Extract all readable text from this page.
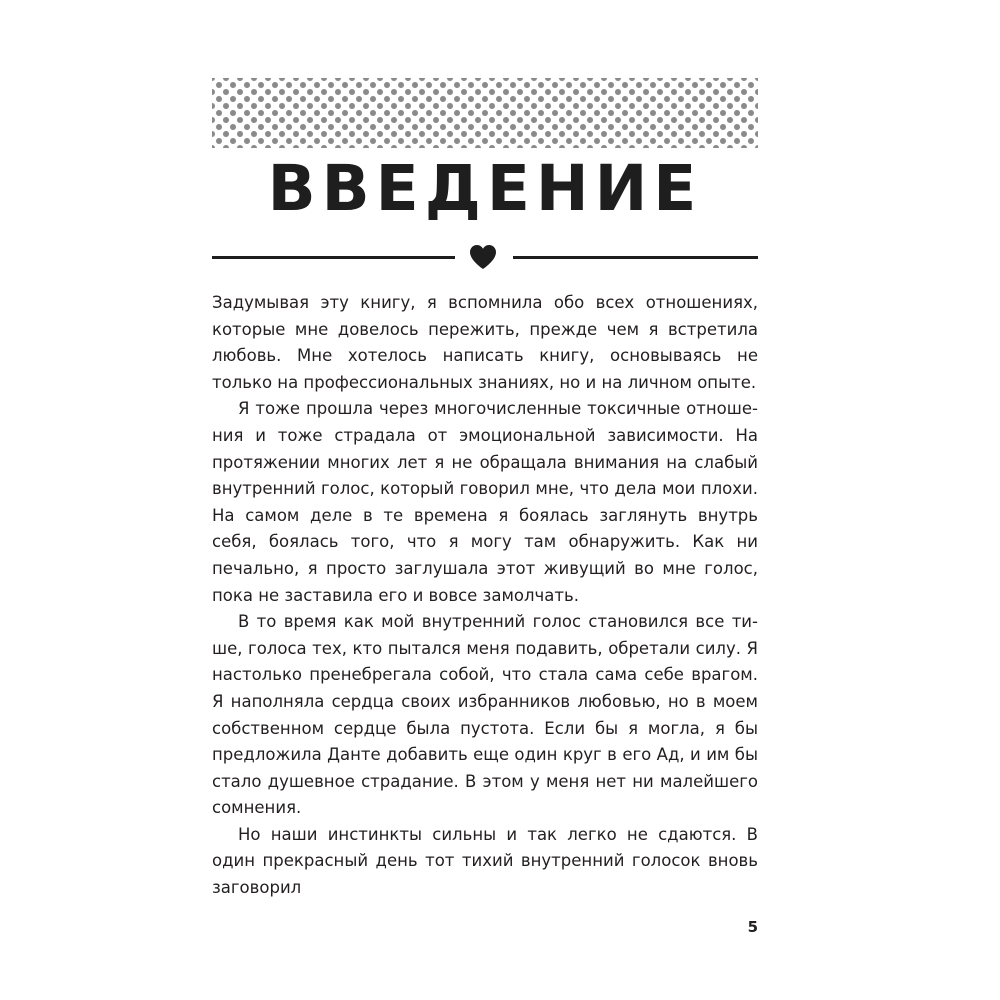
ВВЕДЕНИЕ

Задумывая эту книгу, я вспомнила обо всех отношениях, которые мне довелось пережить, прежде чем я встретила любовь. Мне хотелось написать книгу, основываясь не только на профессиональных знаниях, но и на личном опыте.

Я тоже прошла через многочисленные токсичные отношения и тоже страдала от эмоциональной зависимости. На протяжении многих лет я не обращала внимания на слабый внутренний голос, который говорил мне, что дела мои плохи. На самом деле в те времена я боялась заглянуть внутрь себя, боялась того, что я могу там обнаружить. Как ни печально, я просто заглушала этот живущий во мне голос, пока не заставила его и вовсе замолчать.

В то время как мой внутренний голос становился все тише, голоса тех, кто пытался меня подавить, обретали силу. Я настолько пренебрегала собой, что стала сама себе врагом. Я наполняла сердца своих избранников любовью, но в моем собственном сердце была пустота. Если бы я могла, я бы предложила Данте добавить еще один круг в его Ад, и им бы стало душевное страдание. В этом у меня нет ни малейшего сомнения.

Но наши инстинкты сильны и так легко не сдаются. В один прекрасный день тот тихий внутренний голосок вновь заговорил

5
